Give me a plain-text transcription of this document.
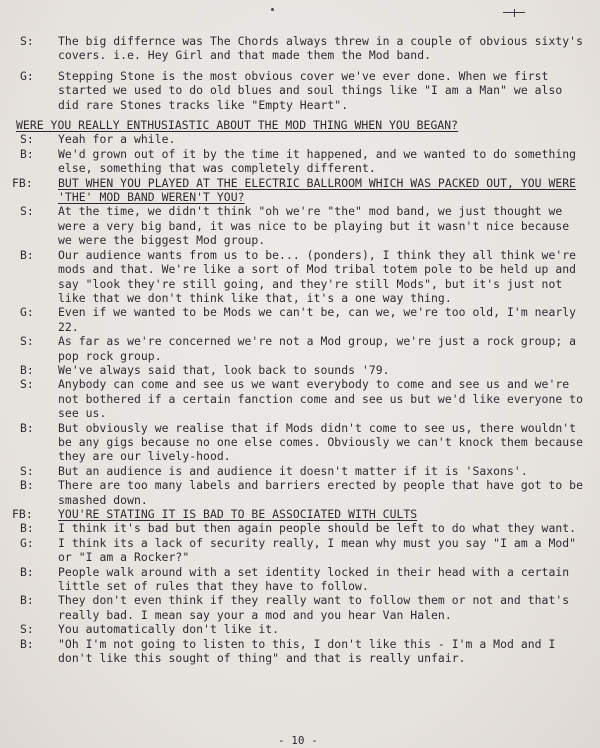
S:	The big differnce was The Chords always threw in a couple of obvious sixty's covers. i.e. Hey Girl and that made them the Mod band.
G:	Stepping Stone is the most obvious cover we've ever done. When we first started we used to do old blues and soul things like "I am a Man" we also did rare Stones tracks like "Empty Heart".
WERE YOU REALLY ENTHUSIASTIC ABOUT THE MOD THING WHEN YOU BEGAN?
S:	Yeah for a while.
B:	We'd grown out of it by the time it happened, and we wanted to do something else, something that was completely different.
FB:	BUT WHEN YOU PLAYED AT THE ELECTRIC BALLROOM WHICH WAS PACKED OUT, YOU WERE 'THE' MOD BAND WEREN'T YOU?
S:	At the time, we didn't think "oh we're "the" mod band, we just thought we were a very big band, it was nice to be playing but it wasn't nice because we were the biggest Mod group.
B:	Our audience wants from us to be... (ponders), I think they all think we're mods and that. We're like a sort of Mod tribal totem pole to be held up and say "look they're still going, and they're still Mods", but it's just not like that we don't think like that, it's a one way thing.
G:	Even if we wanted to be Mods we can't be, can we, we're too old, I'm nearly 22.
S:	As far as we're concerned we're not a Mod group, we're just a rock group; a pop rock group.
B:	We've always said that, look back to sounds '79.
S:	Anybody can come and see us we want everybody to come and see us and we're not bothered if a certain fanction come and see us but we'd like everyone to see us.
B:	But obviously we realise that if Mods didn't come to see us, there wouldn't be any gigs because no one else comes. Obviously we can't knock them because they are our lively-hood.
S:	But an audience is and audience it doesn't matter if it is 'Saxons'.
B:	There are too many labels and barriers erected by people that have got to be smashed down.
FB:	YOU'RE STATING IT IS BAD TO BE ASSOCIATED WITH CULTS
B:	I think it's bad but then again people should be left to do what they want.
G:	I think its a lack of security really, I mean why must you say "I am a Mod" or "I am a Rocker?"
B:	People walk around with a set identity locked in their head with a certain little set of rules that they have to follow.
B:	They don't even think if they really want to follow them or not and that's really bad. I mean say your a mod and you hear Van Halen.
S:	You automatically don't like it.
B:	"Oh I'm not going to listen to this, I don't like this - I'm a Mod and I don't like this sought of thing" and that is really unfair.
- 10 -
